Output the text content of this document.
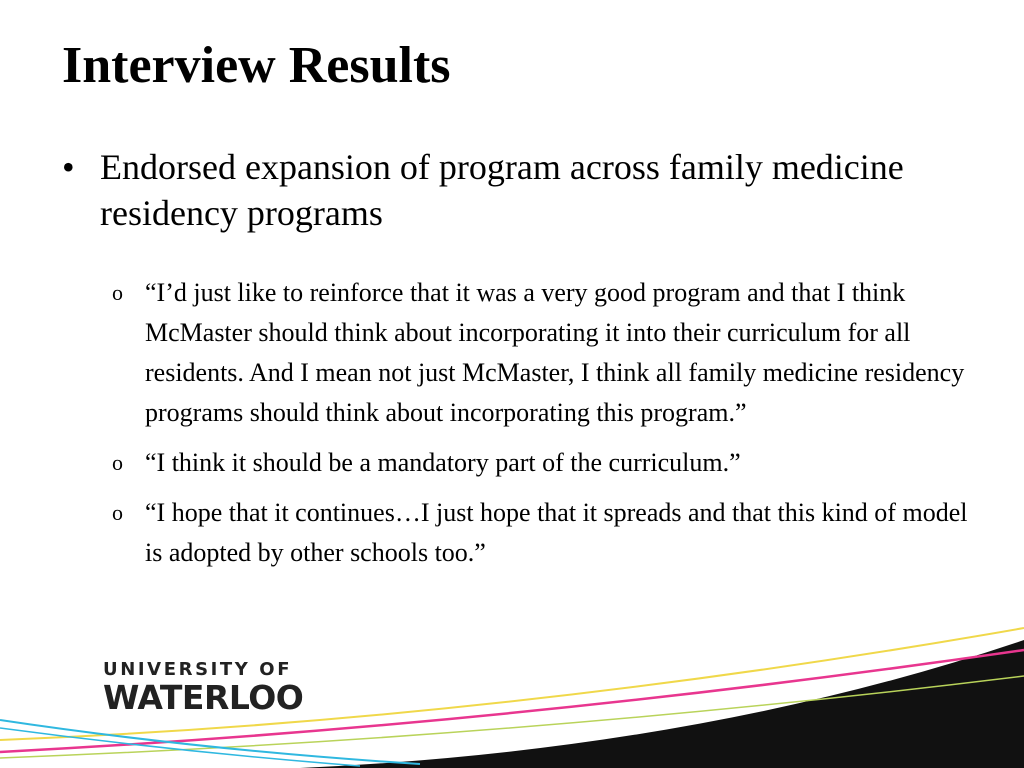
Interview Results
• Endorsed expansion of program across family medicine residency programs
o “I’d just like to reinforce that it was a very good program and that I think McMaster should think about incorporating it into their curriculum for all residents. And I mean not just McMaster, I think all family medicine residency programs should think about incorporating this program.”
o “I think it should be a mandatory part of the curriculum.”
o “I hope that it continues…I just hope that it spreads and that this kind of model is adopted by other schools too.”
UNIVERSITY OF
WATERLOO
